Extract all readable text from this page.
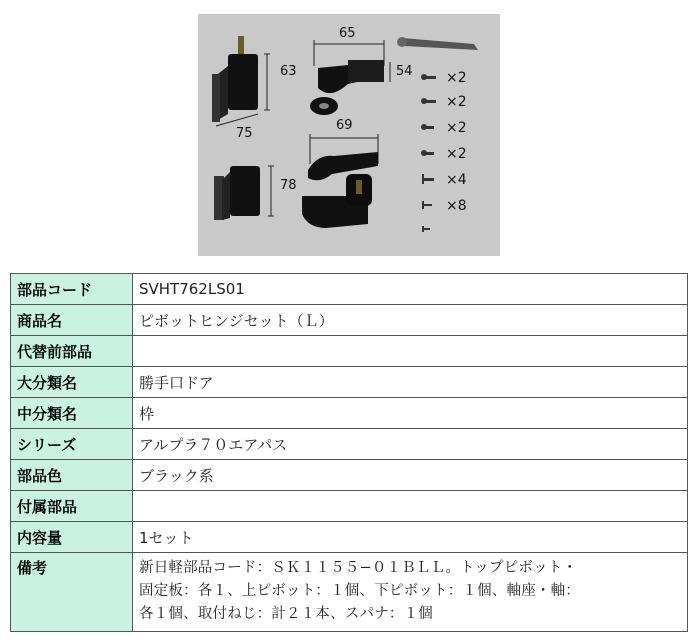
65
63	54
75
69
78
×2
×2
×2
×2
×4
×8
部品コード	SVHT762LS01
商品名	ピボットヒンジセット（Ｌ）
代替前部品	
大分類名	勝手口ドア
中分類名	枠
シリーズ	アルプラ７０エアパス
部品色	ブラック系
付属部品	
内容量	1セット
備考	新日軽部品コード：ＳＫ１１５５−０１ＢＬＬ。トップピボット・
固定板：各１、上ピボット：１個、下ピボット：１個、軸座・軸：
各１個、取付ねじ：計２１本、スパナ：１個
